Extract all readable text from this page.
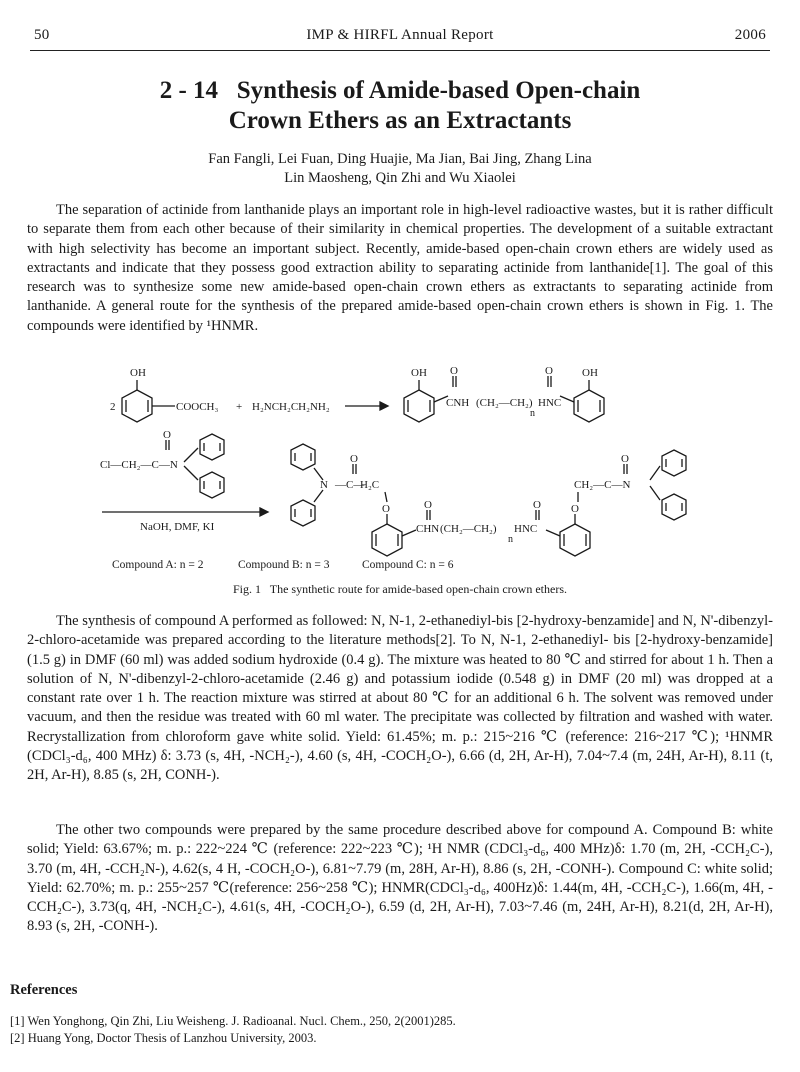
50	IMP & HIRFL Annual Report	2006
2 - 14   Synthesis of Amide-based Open-chain
Crown Ethers as an Extractants
Fan Fangli, Lei Fuan, Ding Huajie, Ma Jian, Bai Jing, Zhang Lina
Lin Maosheng, Qin Zhi and Wu Xiaolei

The separation of actinide from lanthanide plays an important role in high-level radioactive wastes, but it is rather difficult to separate them from each other because of their similarity in chemical properties. The development of a suitable extractant with high selectivity has become an important subject. Recently, amide-based open-chain crown ethers are widely used as extractants and indicate that they possess good extraction ability to separating actinide from lanthanide[1]. The goal of this research was to synthesize some new amide-based open-chain crown ethers as extractants to separating actinide from lanthanide. A general route for the synthesis of the prepared amide-based open-chain crown ethers is shown in Fig. 1. The compounds were identified by ¹HNMR.

OH
2	COOCH₃ + H₂NCH₂CH₂NH₂
OH O
CNH (CH₂—CH₂)
n
HNC
O	OH
O
Cl—CH₂—C—N
NaOH, DMF, KI
N
O
—C—
H₂C
O	O
CHN (CH₂—CH₂)
n
HNC
O	O
O
CH₂—C—N
Compound A: n = 2	Compound B: n = 3	Compound C: n = 6
Fig. 1   The synthetic route for amide-based open-chain crown ethers.

The synthesis of compound A performed as followed: N, N-1, 2-ethanediyl-bis [2-hydroxy-benzamide] and N, N'-dibenzyl-2-chloro-acetamide was prepared according to the literature methods[2]. To N, N-1, 2-ethanediyl- bis [2-hydroxy-benzamide] (1.5 g) in DMF (60 ml) was added sodium hydroxide (0.4 g). The mixture was heated to 80 ℃ and stirred for about 1 h. Then a solution of N, N'-dibenzyl-2-chloro-acetamide (2.46 g) and potassium iodide (0.548 g) in DMF (20 ml) was dropped at a constant rate over 1 h. The reaction mixture was stirred at about 80 ℃ for an additional 6 h. The solvent was removed under vacuum, and then the residue was treated with 60 ml water. The precipitate was collected by filtration and washed with water. Recrystallization from chloroform gave white solid. Yield: 61.45%; m. p.: 215~216 ℃ (reference: 216~217 ℃); ¹HNMR (CDCl₃-d₆, 400 MHz) δ: 3.73 (s, 4H, -NCH₂-), 4.60 (s, 4H, -COCH₂O-), 6.66 (d, 2H, Ar-H), 7.04~7.4 (m, 24H, Ar-H), 8.11 (t, 2H, Ar-H), 8.85 (s, 2H, CONH-).

The other two compounds were prepared by the same procedure described above for compound A. Compound B: white solid; Yield: 63.67%; m. p.: 222~224 ℃ (reference: 222~223 ℃); ¹H NMR (CDCl₃-d₆, 400 MHz)δ: 1.70 (m, 2H, -CCH₂C-), 3.70 (m, 4H, -CCH₂N-), 4.62(s, 4 H, -COCH₂O-), 6.81~7.79 (m, 28H, Ar-H), 8.86 (s, 2H, -CONH-). Compound C: white solid; Yield: 62.70%; m. p.: 255~257 ℃(reference: 256~258 ℃); HNMR(CDCl₃-d₆, 400Hz)δ: 1.44(m, 4H, -CCH₂C-), 1.66(m, 4H, -CCH₂C-), 3.73(q, 4H, -NCH₂C-), 4.61(s, 4H, -COCH₂O-), 6.59 (d, 2H, Ar-H), 7.03~7.46 (m, 24H, Ar-H), 8.21(d, 2H, Ar-H), 8.93 (s, 2H, -CONH-).

References
[1] Wen Yonghong, Qin Zhi, Liu Weisheng. J. Radioanal. Nucl. Chem., 250, 2(2001)285.
[2] Huang Yong, Doctor Thesis of Lanzhou University, 2003.
